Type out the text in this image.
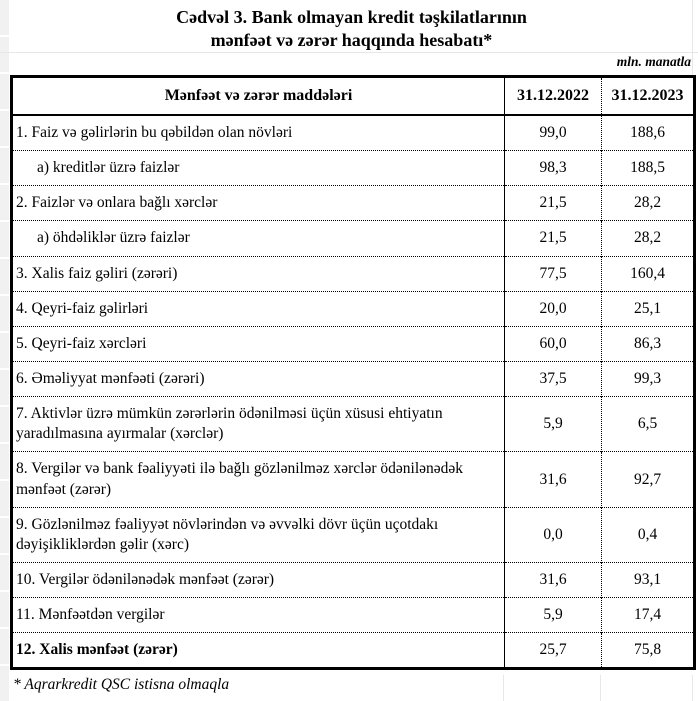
Cədvəl 3. Bank olmayan kredit təşkilatlarının
mənfəət və zərər haqqında hesabatı*
mln. manatla
Mənfəət və zərər maddələri	31.12.2022	31.12.2023
1. Faiz və gəlirlərin bu qəbildən olan növləri	99,0	188,6
a) kreditlər üzrə faizlər	98,3	188,5
2. Faizlər və onlara bağlı xərclər	21,5	28,2
a) öhdəliklər üzrə faizlər	21,5	28,2
3. Xalis faiz gəliri (zərəri)	77,5	160,4
4. Qeyri-faiz gəlirləri	20,0	25,1
5. Qeyri-faiz xərcləri	60,0	86,3
6. Əməliyyat mənfəəti (zərəri)	37,5	99,3
7. Aktivlər üzrə mümkün zərərlərin ödənilməsi üçün xüsusi ehtiyatın yaradılmasına ayırmalar (xərclər)	5,9	6,5
8. Vergilər və bank fəaliyyəti ilə bağlı gözlənilməz xərclər ödənilənədək mənfəət (zərər)	31,6	92,7
9. Gözlənilməz fəaliyyət növlərindən və əvvəlki dövr üçün uçotdakı dəyişikliklərdən gəlir (xərc)	0,0	0,4
10. Vergilər ödənilənədək mənfəət (zərər)	31,6	93,1
11. Mənfəətdən vergilər	5,9	17,4
12. Xalis mənfəət (zərər)	25,7	75,8
* Aqrarkredit QSC istisna olmaqla
